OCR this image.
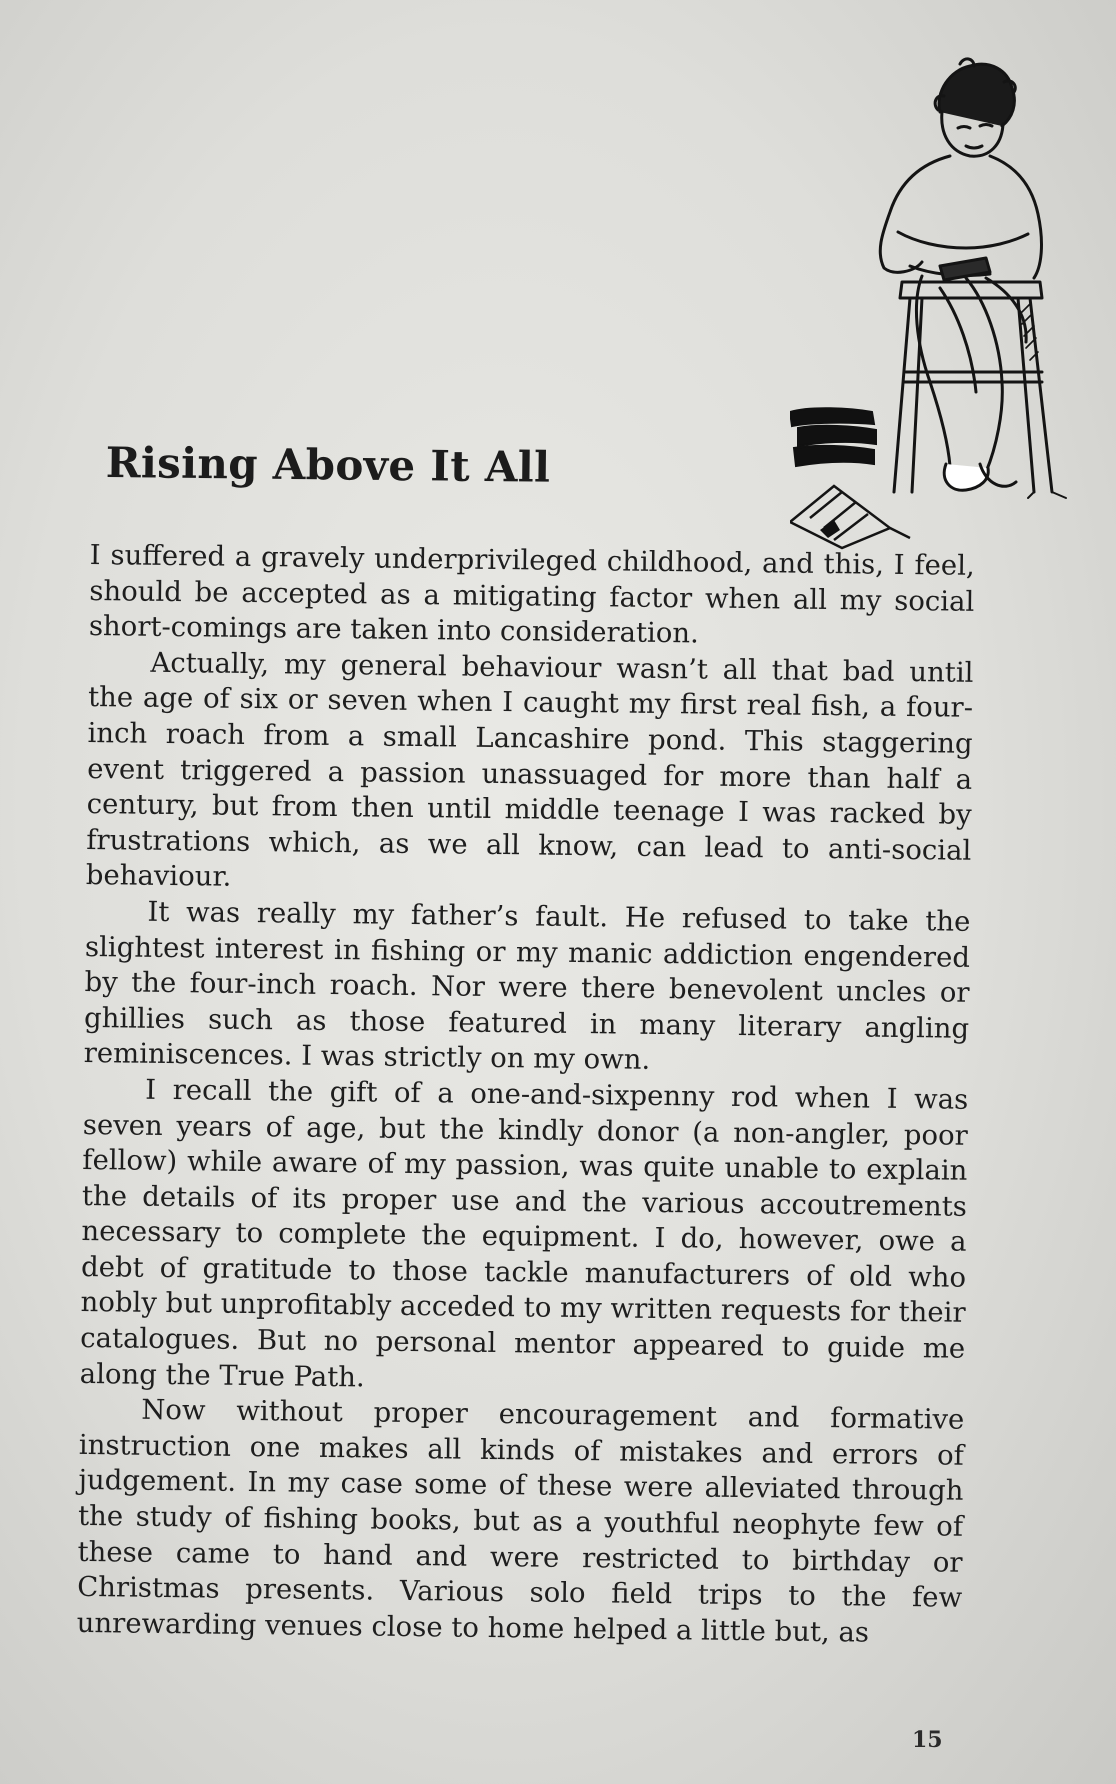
Rising Above It All

I suffered a gravely underprivileged childhood, and this, I feel, should be accepted as a mitigating factor when all my social short-comings are taken into consideration.

Actually, my general behaviour wasn’t all that bad until the age of six or seven when I caught my first real fish, a four-inch roach from a small Lancashire pond. This staggering event triggered a passion unassuaged for more than half a century, but from then until middle teenage I was racked by frustrations which, as we all know, can lead to anti-social behaviour.

It was really my father’s fault. He refused to take the slightest interest in fishing or my manic addiction engendered by the four-inch roach. Nor were there benevolent uncles or ghillies such as those featured in many literary angling reminiscences. I was strictly on my own.

I recall the gift of a one-and-sixpenny rod when I was seven years of age, but the kindly donor (a non-angler, poor fellow) while aware of my passion, was quite unable to explain the details of its proper use and the various accoutrements necessary to complete the equipment. I do, however, owe a debt of gratitude to those tackle manufacturers of old who nobly but unprofitably acceded to my written requests for their catalogues. But no personal mentor appeared to guide me along the True Path.

Now without proper encouragement and formative instruction one makes all kinds of mistakes and errors of judgement. In my case some of these were alleviated through the study of fishing books, but as a youthful neophyte few of these came to hand and were restricted to birthday or Christmas presents. Various solo field trips to the few unrewarding venues close to home helped a little but, as

15
